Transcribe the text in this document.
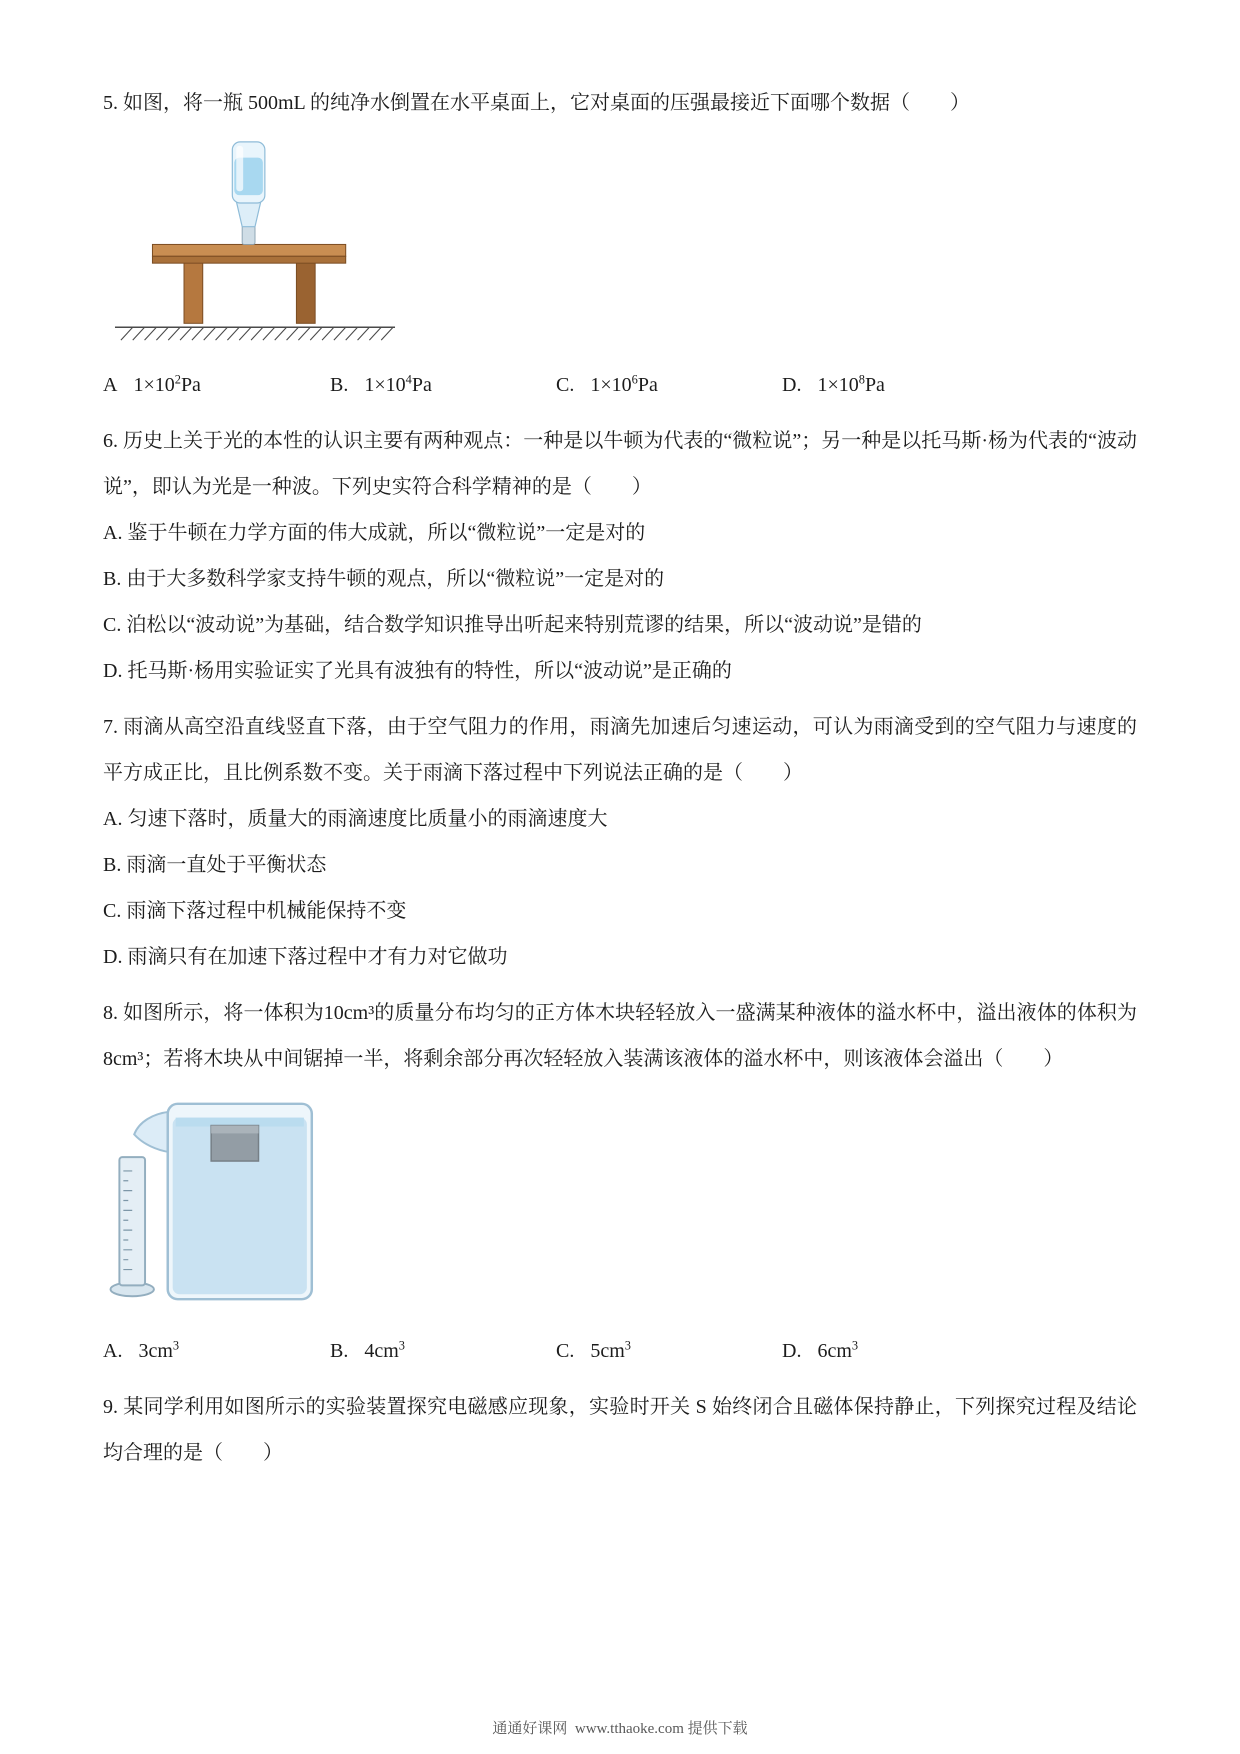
5. 如图，将一瓶 500mL 的纯净水倒置在水平桌面上，它对桌面的压强最接近下面哪个数据（　　）
A $1\times 10^2Pa$	B. $1\times 10^4Pa$	C. $1\times 10^6Pa$	D. $1\times 10^8Pa$
6. 历史上关于光的本性的认识主要有两种观点：一种是以牛顿为代表的“微粒说”；另一种是以托马斯·杨为代表的“波动说”，即认为光是一种波。下列史实符合科学精神的是（　　）
A. 鉴于牛顿在力学方面的伟大成就，所以“微粒说”一定是对的
B. 由于大多数科学家支持牛顿的观点，所以“微粒说”一定是对的
C. 泊松以“波动说”为基础，结合数学知识推导出听起来特别荒谬的结果，所以“波动说”是错的
D. 托马斯·杨用实验证实了光具有波独有的特性，所以“波动说”是正确的
7. 雨滴从高空沿直线竖直下落，由于空气阻力的作用，雨滴先加速后匀速运动，可认为雨滴受到的空气阻力与速度的平方成正比，且比例系数不变。关于雨滴下落过程中下列说法正确的是（　　）
A. 匀速下落时，质量大的雨滴速度比质量小的雨滴速度大
B. 雨滴一直处于平衡状态
C. 雨滴下落过程中机械能保持不变
D. 雨滴只有在加速下落过程中才有力对它做功
8. 如图所示，将一体积为10cm³的质量分布均匀的正方体木块轻轻放入一盛满某种液体的溢水杯中，溢出液体的体积为8cm³；若将木块从中间锯掉一半，将剩余部分再次轻轻放入装满该液体的溢水杯中，则该液体会溢出（　　）
A. $3cm^3$	B. $4cm^3$	C. $5cm^3$	D. $6cm^3$
9. 某同学利用如图所示的实验装置探究电磁感应现象，实验时开关 S 始终闭合且磁体保持静止，下列探究过程及结论均合理的是（　　）
通通好课网  www.tthaoke.com 提供下载
